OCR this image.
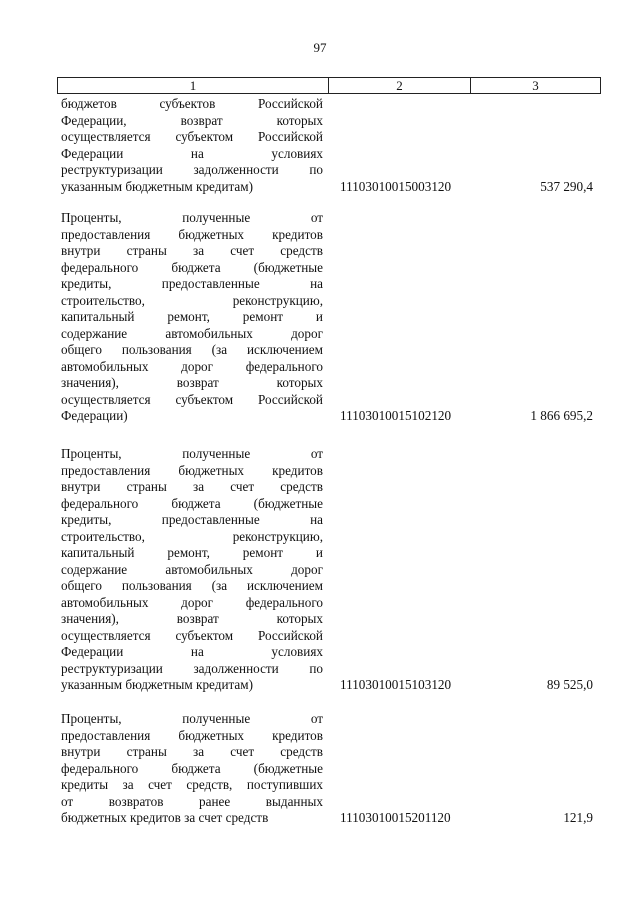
97
1	2	3
бюджетов субъектов Российской
Федерации, возврат которых
осуществляется субъектом Российской
Федерации на условиях
реструктуризации задолженности по
указанным бюджетным кредитам)	11103010015003120	537 290,4
Проценты, полученные от
предоставления бюджетных кредитов
внутри страны за счет средств
федерального бюджета (бюджетные
кредиты, предоставленные на
строительство, реконструкцию,
капитальный ремонт, ремонт и
содержание автомобильных дорог
общего пользования (за исключением
автомобильных дорог федерального
значения), возврат которых
осуществляется субъектом Российской
Федерации)	11103010015102120	1 866 695,2
Проценты, полученные от
предоставления бюджетных кредитов
внутри страны за счет средств
федерального бюджета (бюджетные
кредиты, предоставленные на
строительство, реконструкцию,
капитальный ремонт, ремонт и
содержание автомобильных дорог
общего пользования (за исключением
автомобильных дорог федерального
значения), возврат которых
осуществляется субъектом Российской
Федерации на условиях
реструктуризации задолженности по
указанным бюджетным кредитам)	11103010015103120	89 525,0
Проценты, полученные от
предоставления бюджетных кредитов
внутри страны за счет средств
федерального бюджета (бюджетные
кредиты за счет средств, поступивших
от возвратов ранее выданных
бюджетных кредитов за счет средств	11103010015201120	121,9
